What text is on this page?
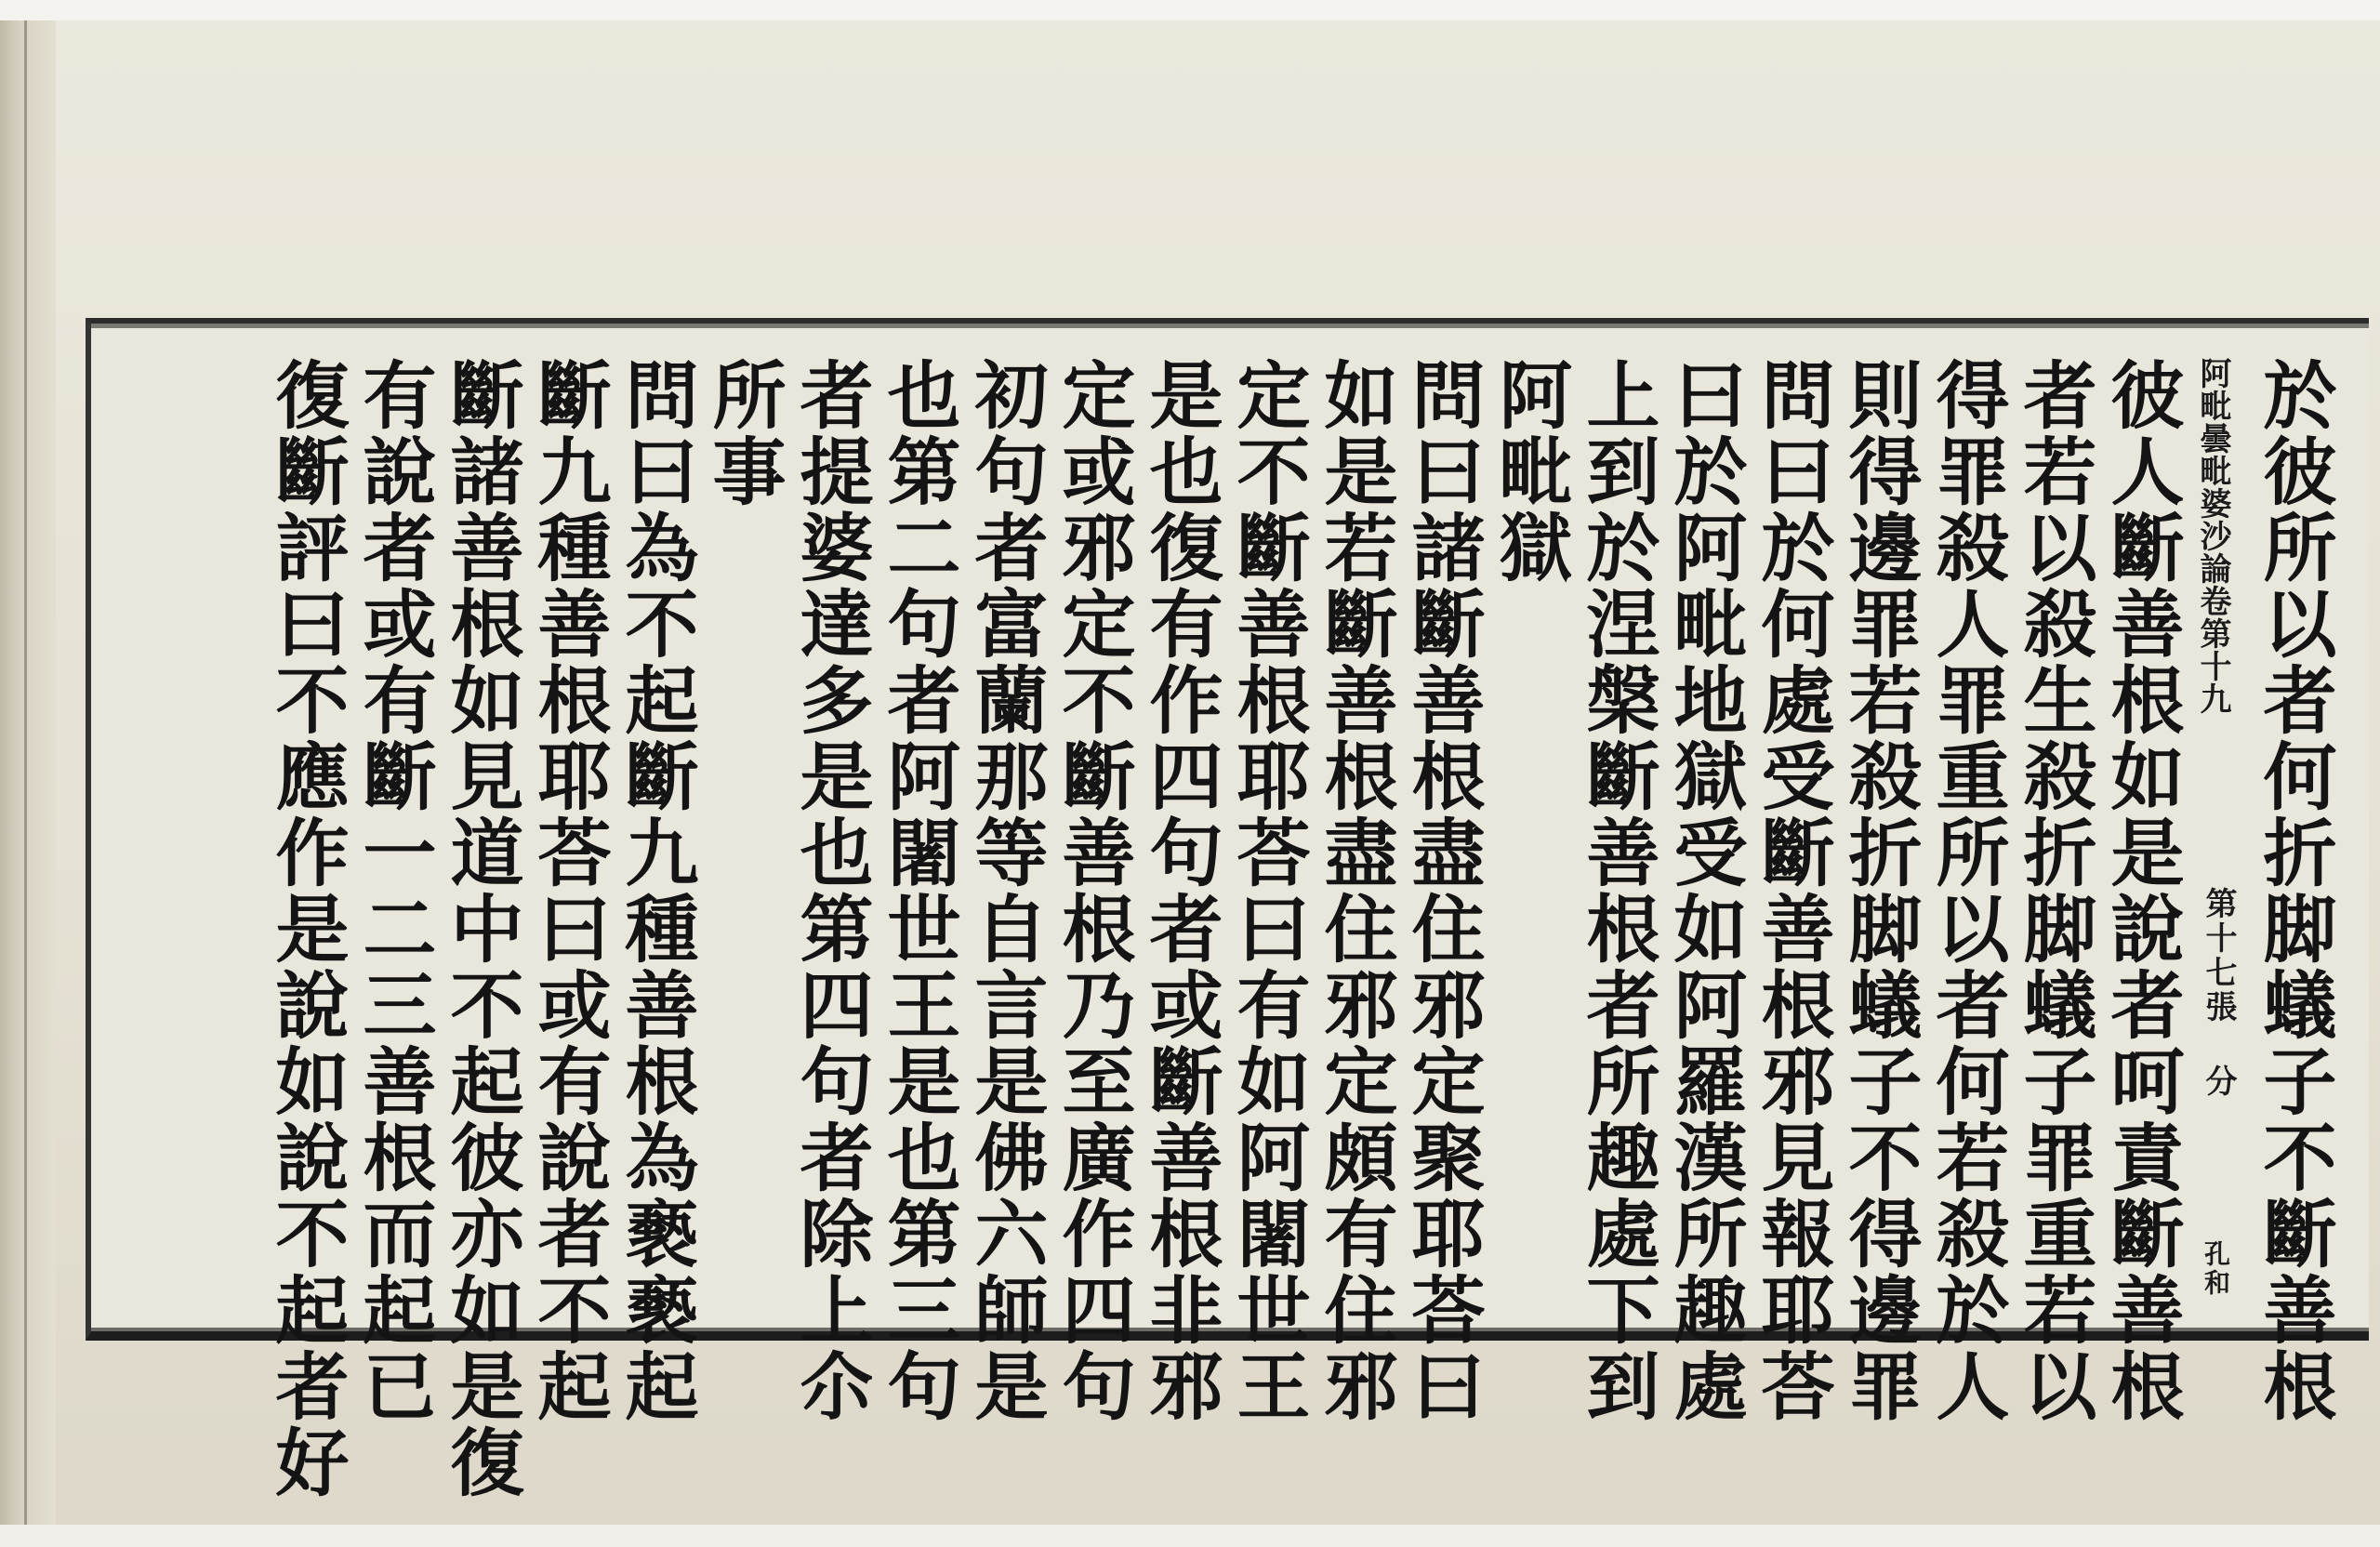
於彼所以者何折脚蟻子不斷善根
阿毗曇毗婆沙論卷第十九
第十七張 分
孔和
彼人斷善根如是說者呵責斷善根
者若以殺生殺折脚蟻子罪重若以
得罪殺人罪重所以者何若殺於人
則得邊罪若殺折脚蟻子不得邊罪
問曰於何處受斷善根邪見報耶荅
曰於阿毗地獄受如阿羅漢所趣處
上到於涅槃斷善根者所趣處下到
阿毗獄
問曰諸斷善根盡住邪定聚耶荅曰
如是若斷善根盡住邪定頗有住邪
定不斷善根耶荅曰有如阿闍世王
是也復有作四句者或斷善根非邪
定或邪定不斷善根乃至廣作四句
初句者富蘭那等自言是佛六師是
也第二句者阿闍世王是也第三句
者提婆達多是也第四句者除上尒
所事
問曰為不起斷九種善根為褻褻起
斷九種善根耶荅曰或有說者不起
斷諸善根如見道中不起彼亦如是復
有說者或有斷一二三善根而起已
復斷評曰不應作是說如說不起者好
